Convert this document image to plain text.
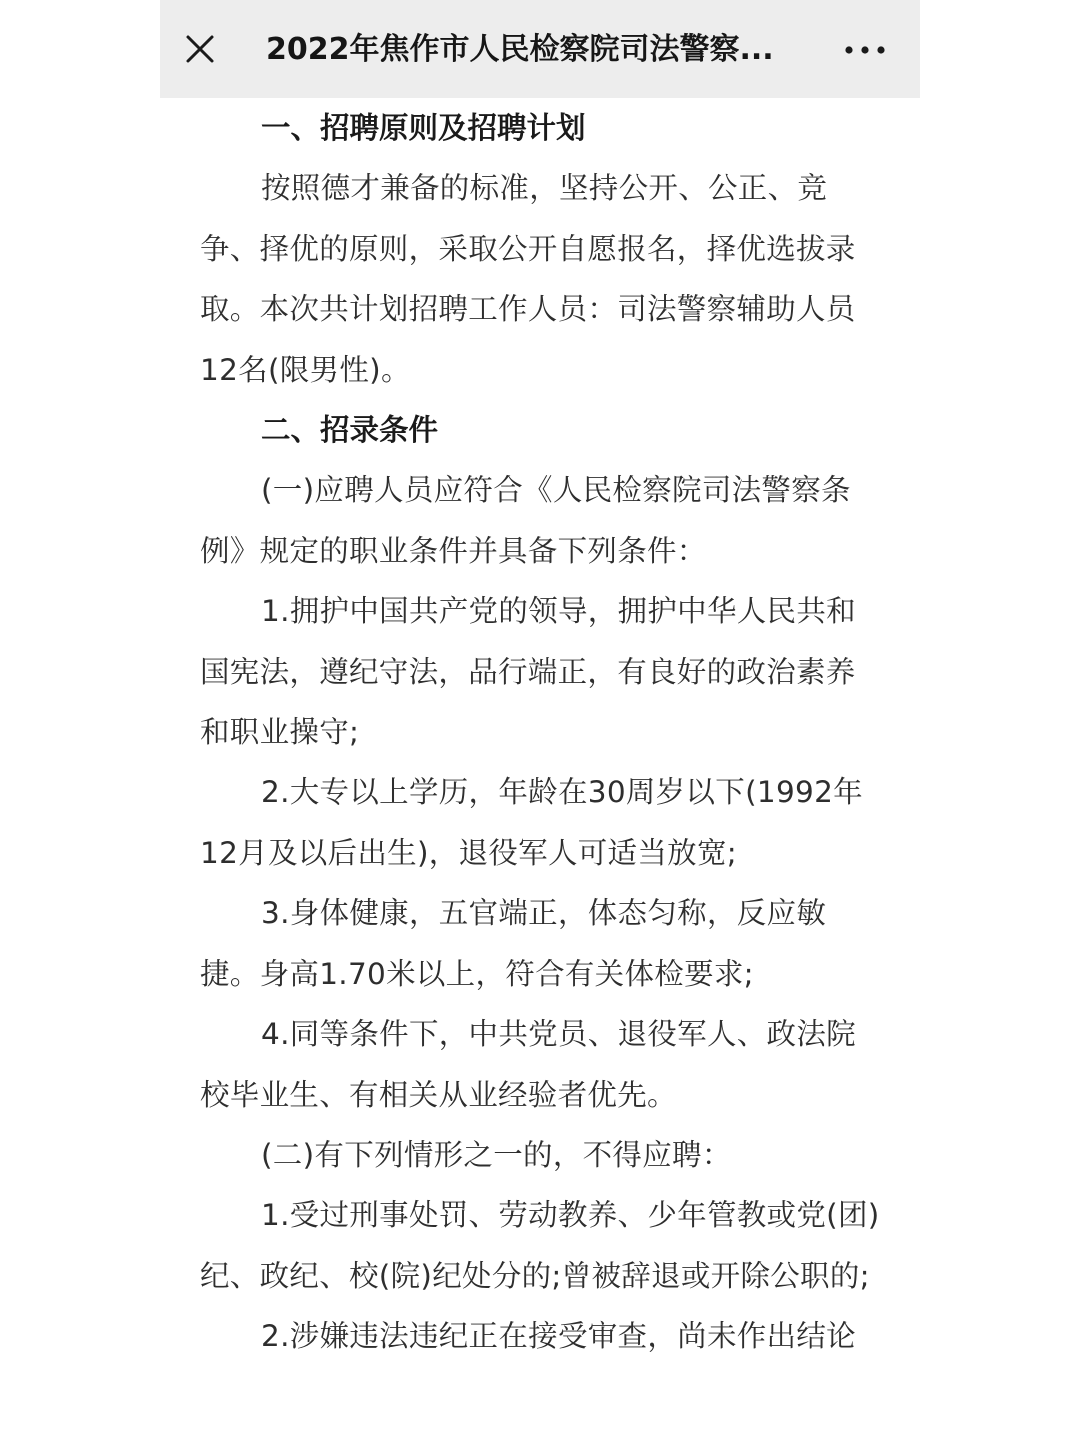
2022年焦作市人民检察院司法警察...

一、招聘原则及招聘计划

按照德才兼备的标准，坚持公开、公正、竞争、择优的原则，采取公开自愿报名，择优选拔录取。本次共计划招聘工作人员：司法警察辅助人员12名(限男性)。

二、招录条件

(一)应聘人员应符合《人民检察院司法警察条例》规定的职业条件并具备下列条件：

1.拥护中国共产党的领导，拥护中华人民共和国宪法，遵纪守法，品行端正，有良好的政治素养和职业操守;

2.大专以上学历，年龄在30周岁以下(1992年12月及以后出生)，退役军人可适当放宽;

3.身体健康，五官端正，体态匀称，反应敏捷。身高1.70米以上，符合有关体检要求;

4.同等条件下，中共党员、退役军人、政法院校毕业生、有相关从业经验者优先。

(二)有下列情形之一的，不得应聘：

1.受过刑事处罚、劳动教养、少年管教或党(团)纪、政纪、校(院)纪处分的;曾被辞退或开除公职的;

2.涉嫌违法违纪正在接受审查，尚未作出结论
